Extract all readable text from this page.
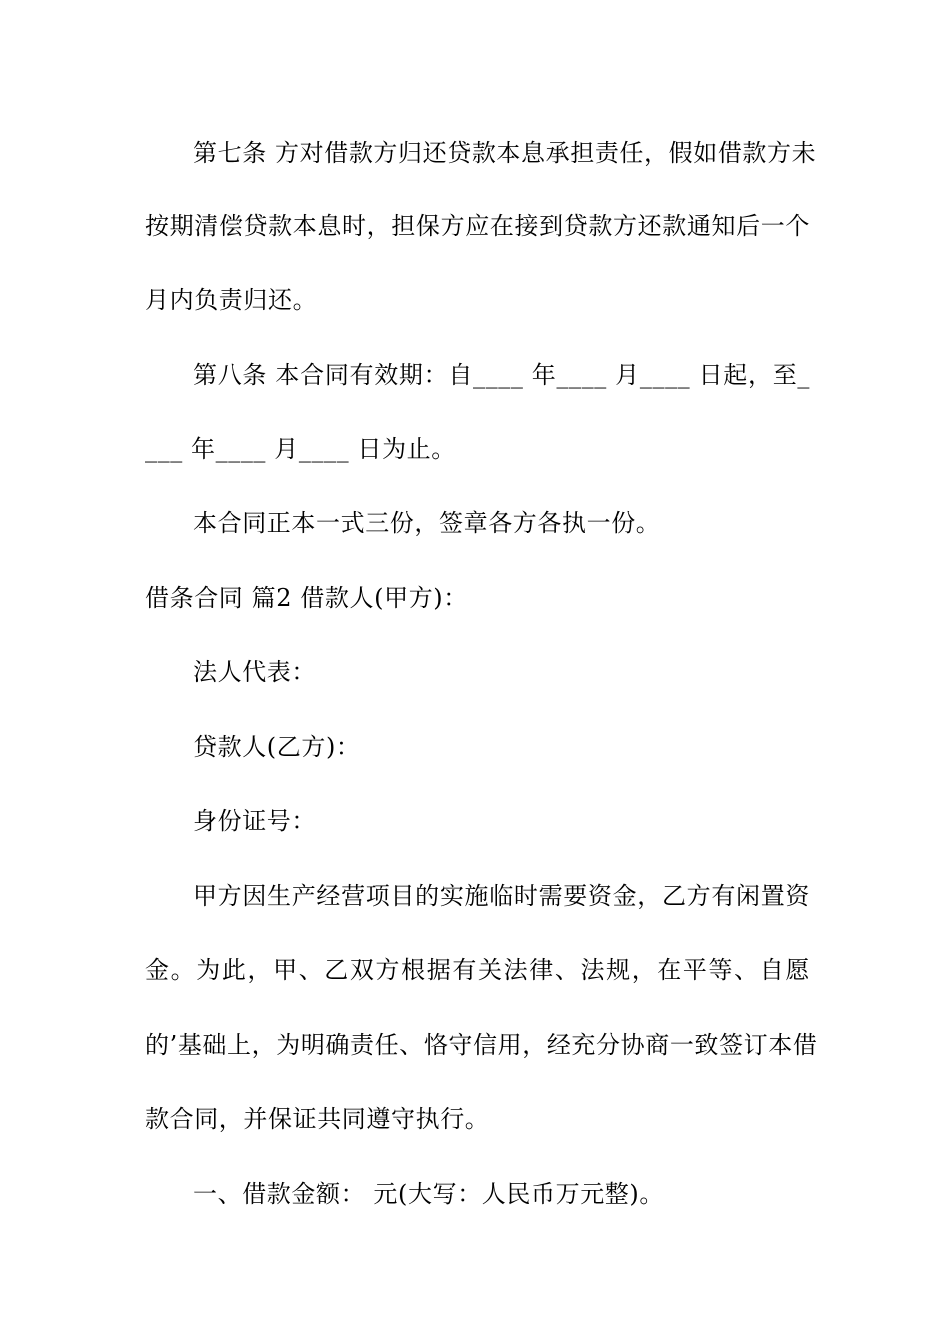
第七条 方对借款方归还贷款本息承担责任，假如借款方未
按期清偿贷款本息时，担保方应在接到贷款方还款通知后一个
月内负责归还。
第八条 本合同有效期：自____ 年____ 月____ 日起，至_
___ 年____ 月____ 日为止。
本合同正本一式三份，签章各方各执一份。
借条合同 篇2 借款人(甲方)：
法人代表：
贷款人(乙方)：
身份证号：
甲方因生产经营项目的实施临时需要资金，乙方有闲置资
金。为此，甲、乙双方根据有关法律、法规，在平等、自愿
的’基础上，为明确责任、恪守信用，经充分协商一致签订本借
款合同，并保证共同遵守执行。
一、借款金额： 元(大写：人民币万元整)。
